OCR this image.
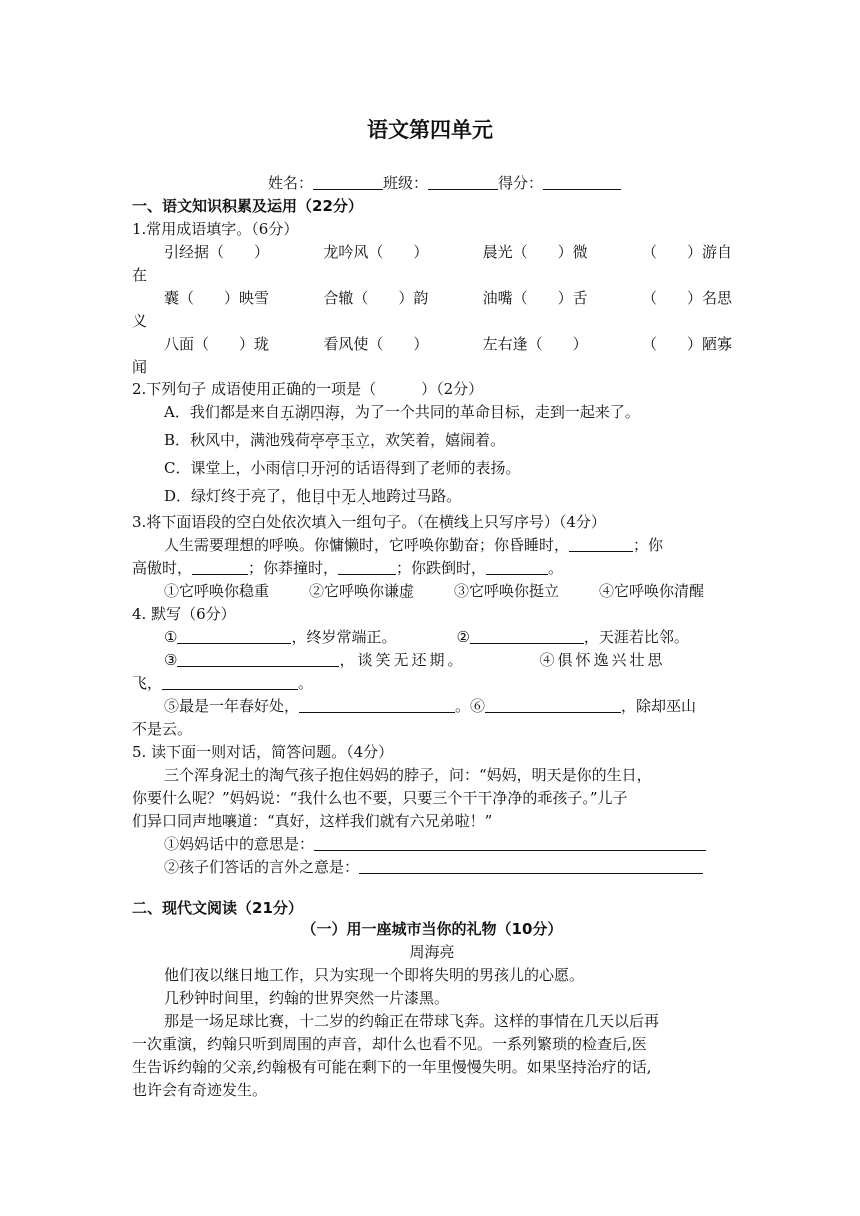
语文第四单元
姓名：	班级：	得分：
一、语文知识积累及运用（22分）
1.常用成语填字。（6分）
引经据（　　）	龙吟风（　　）	晨光（　　）微	（　　）游自
在
囊（　　）映雪	合辙（　　）韵	油嘴（　　）舌	（　　）名思
义
八面（　　）珑	看风使（　　）	左右逢（　　）	（　　）陋寡
闻
2.下列句子 成语使用正确的一项是（　　　）（2分）
A．我们都是来自五湖四海，为了一个共同的革命目标，走到一起来了。
B．秋风中，满池残荷亭亭玉立，欢笑着，嬉闹着。
C．课堂上，小雨信口开河的话语得到了老师的表扬。
D．绿灯终于亮了，他目中无人地跨过马路。
3.将下面语段的空白处依次填入一组句子。（在横线上只写序号）（4分）
人生需要理想的呼唤。你慵懒时，它呼唤你勤奋；你昏睡时，	；你
高傲时，	；你莽撞时，	；你跌倒时，	。
①它呼唤你稳重	②它呼唤你谦虚	③它呼唤你挺立	④它呼唤你清醒
4. 默写（6分）
①	，终岁常端正。	②	，天涯若比邻。
③	，谈笑无还期。	④俱怀逸兴壮思
飞，	。
⑤最是一年春好处，	。⑥	，除却巫山
不是云。
5. 读下面一则对话，简答问题。（4分）
三个浑身泥土的淘气孩子抱住妈妈的脖子，问：“妈妈，明天是你的生日，
你要什么呢？”妈妈说：“我什么也不要，只要三个干干净净的乖孩子。”儿子
们异口同声地嚷道：“真好，这样我们就有六兄弟啦！”
①妈妈话中的意思是：
②孩子们答话的言外之意是：
二、现代文阅读（21分）
（一）用一座城市当你的礼物（10分）
周海亮
他们夜以继日地工作，只为实现一个即将失明的男孩儿的心愿。
几秒钟时间里，约翰的世界突然一片漆黑。
那是一场足球比赛，十二岁的约翰正在带球飞奔。这样的事情在几天以后再
一次重演，约翰只听到周围的声音，却什么也看不见。一系列繁琐的检查后,医
生告诉约翰的父亲,约翰极有可能在剩下的一年里慢慢失明。如果坚持治疗的话,
也许会有奇迹发生。
